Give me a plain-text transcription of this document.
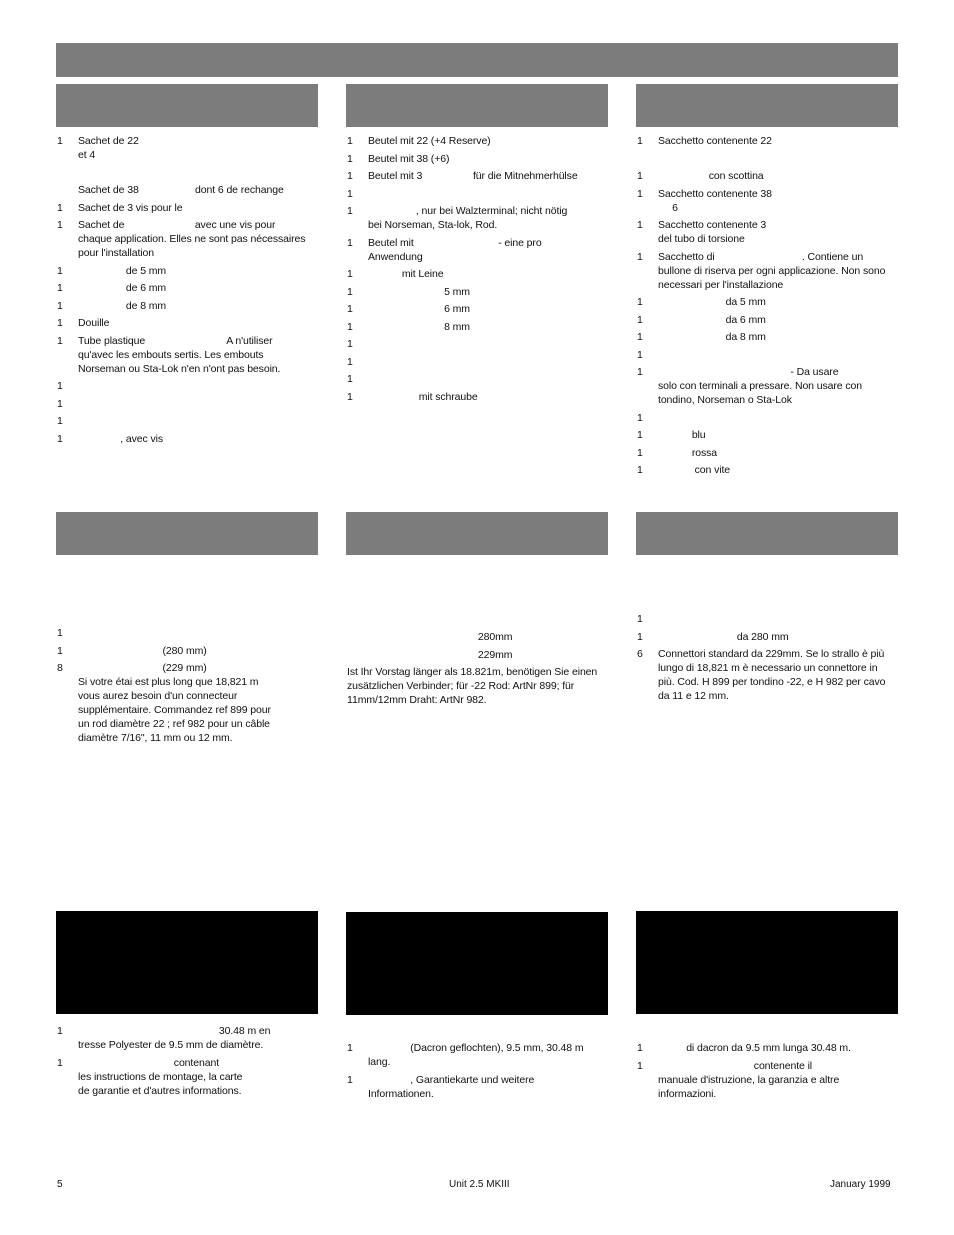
1 Sachet de 22
et 4
Sachet de 38                    dont 6 de rechange
1 Sachet de 3 vis pour le
1 Sachet de                         avec une vis pour
chaque application. Elles ne sont pas nécessaires
pour l'installation
1 de 5 mm
1 de 6 mm
1 de 8 mm
1 Douille
1 Tube plastique                             A n'utiliser
qu'avec les embouts sertis. Les embouts
Norseman ou Sta-Lok n'en n'ont pas besoin.
1
1
1
1 , avec vis
1 Beutel mit 22 (+4 Reserve)
1 Beutel mit 38 (+6)
1 Beutel mit 3                  für die Mitnehmerhülse
1
1	, nur bei Walzterminal; nicht nötig
bei Norseman, Sta-lok, Rod.
1 Beutel mit                              - eine pro
Anwendung
1 mit Leine
1 5 mm
1 6 mm
1 8 mm
1
1
1
1 mit schraube
1 Sacchetto contenente 22
1 con scottina
1 Sacchetto contenente 38
6
1 Sacchetto contenente 3
del tubo di torsione
1 Sacchetto di                               . Contiene un
bullone di riserva per ogni applicazione. Non sono
necessari per l'installazione
1 da 5 mm
1 da 6 mm
1 da 8 mm
1
1	- Da usare
solo con terminali a pressare. Non usare con
tondino, Norseman o Sta-Lok
1
1 blu
1 rossa
1 con vite
1
1 (280 mm)
8	(229 mm)
Si votre étai est plus long que 18,821 m
vous aurez besoin d'un connecteur
supplémentaire. Commandez ref 899 pour
un rod diamètre 22 ; ref 982 pour un câble
diamètre 7/16", 11 mm ou 12 mm.
280mm
229mm
Ist Ihr Vorstag länger als 18.821m, benötigen Sie einen zusätzlichen Verbinder; für -22 Rod: ArtNr 899; für 11mm/12mm Draht: ArtNr 982.
1
1 da 280 mm
6 Connettori standard da 229mm. Se lo strallo è più
lungo di 18,821 m è necessario un connettore in
più. Cod. H 899 per tondino -22, e H 982 per cavo
da 11 e 12 mm.
1	30.48 m en
tresse Polyester de 9.5 mm de diamètre.
1	contenant
les instructions de montage, la carte
de garantie et d'autres informations.
1	(Dacron geflochten), 9.5 mm, 30.48 m
lang.
1	, Garantiekarte und weitere
Informationen.
1 di dacron da 9.5 mm lunga 30.48 m.
1	contenente il
manuale d'istruzione, la garanzia e altre
informazioni.
5	Unit 2.5 MKIII	January 1999
